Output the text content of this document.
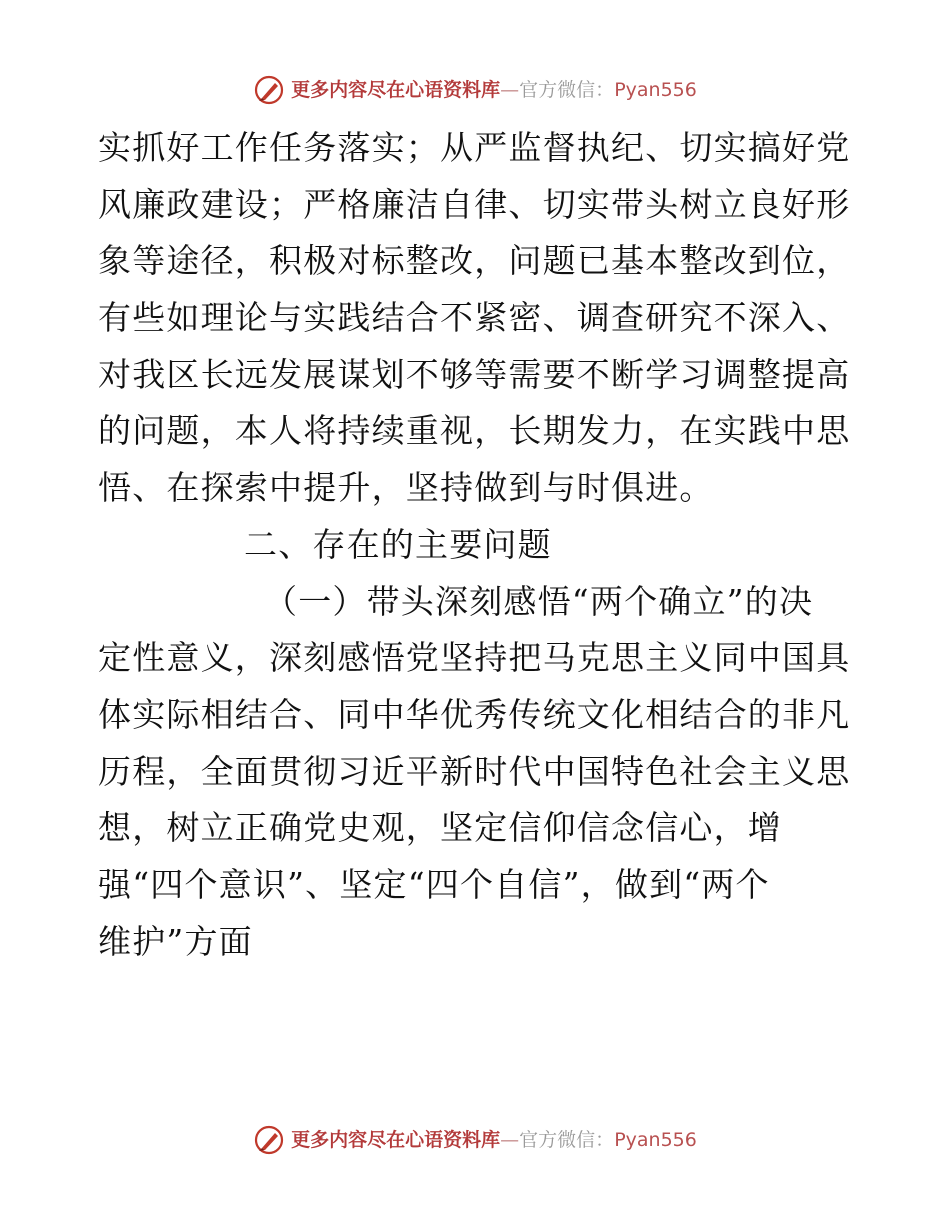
更多内容尽在心语资料库—官方微信：Pyan556
实抓好工作任务落实；从严监督执纪、切实搞好党
风廉政建设；严格廉洁自律、切实带头树立良好形
象等途径，积极对标整改，问题已基本整改到位，
有些如理论与实践结合不紧密、调查研究不深入、
对我区长远发展谋划不够等需要不断学习调整提高
的问题，本人将持续重视，长期发力，在实践中思
悟、在探索中提升，坚持做到与时俱进。
二、存在的主要问题
（一）带头深刻感悟“两个确立”的决
定性意义，深刻感悟党坚持把马克思主义同中国具
体实际相结合、同中华优秀传统文化相结合的非凡
历程，全面贯彻习近平新时代中国特色社会主义思
想，树立正确党史观，坚定信仰信念信心，增
强“四个意识”、坚定“四个自信”，做到“两个
维护”方面
更多内容尽在心语资料库—官方微信：Pyan556
